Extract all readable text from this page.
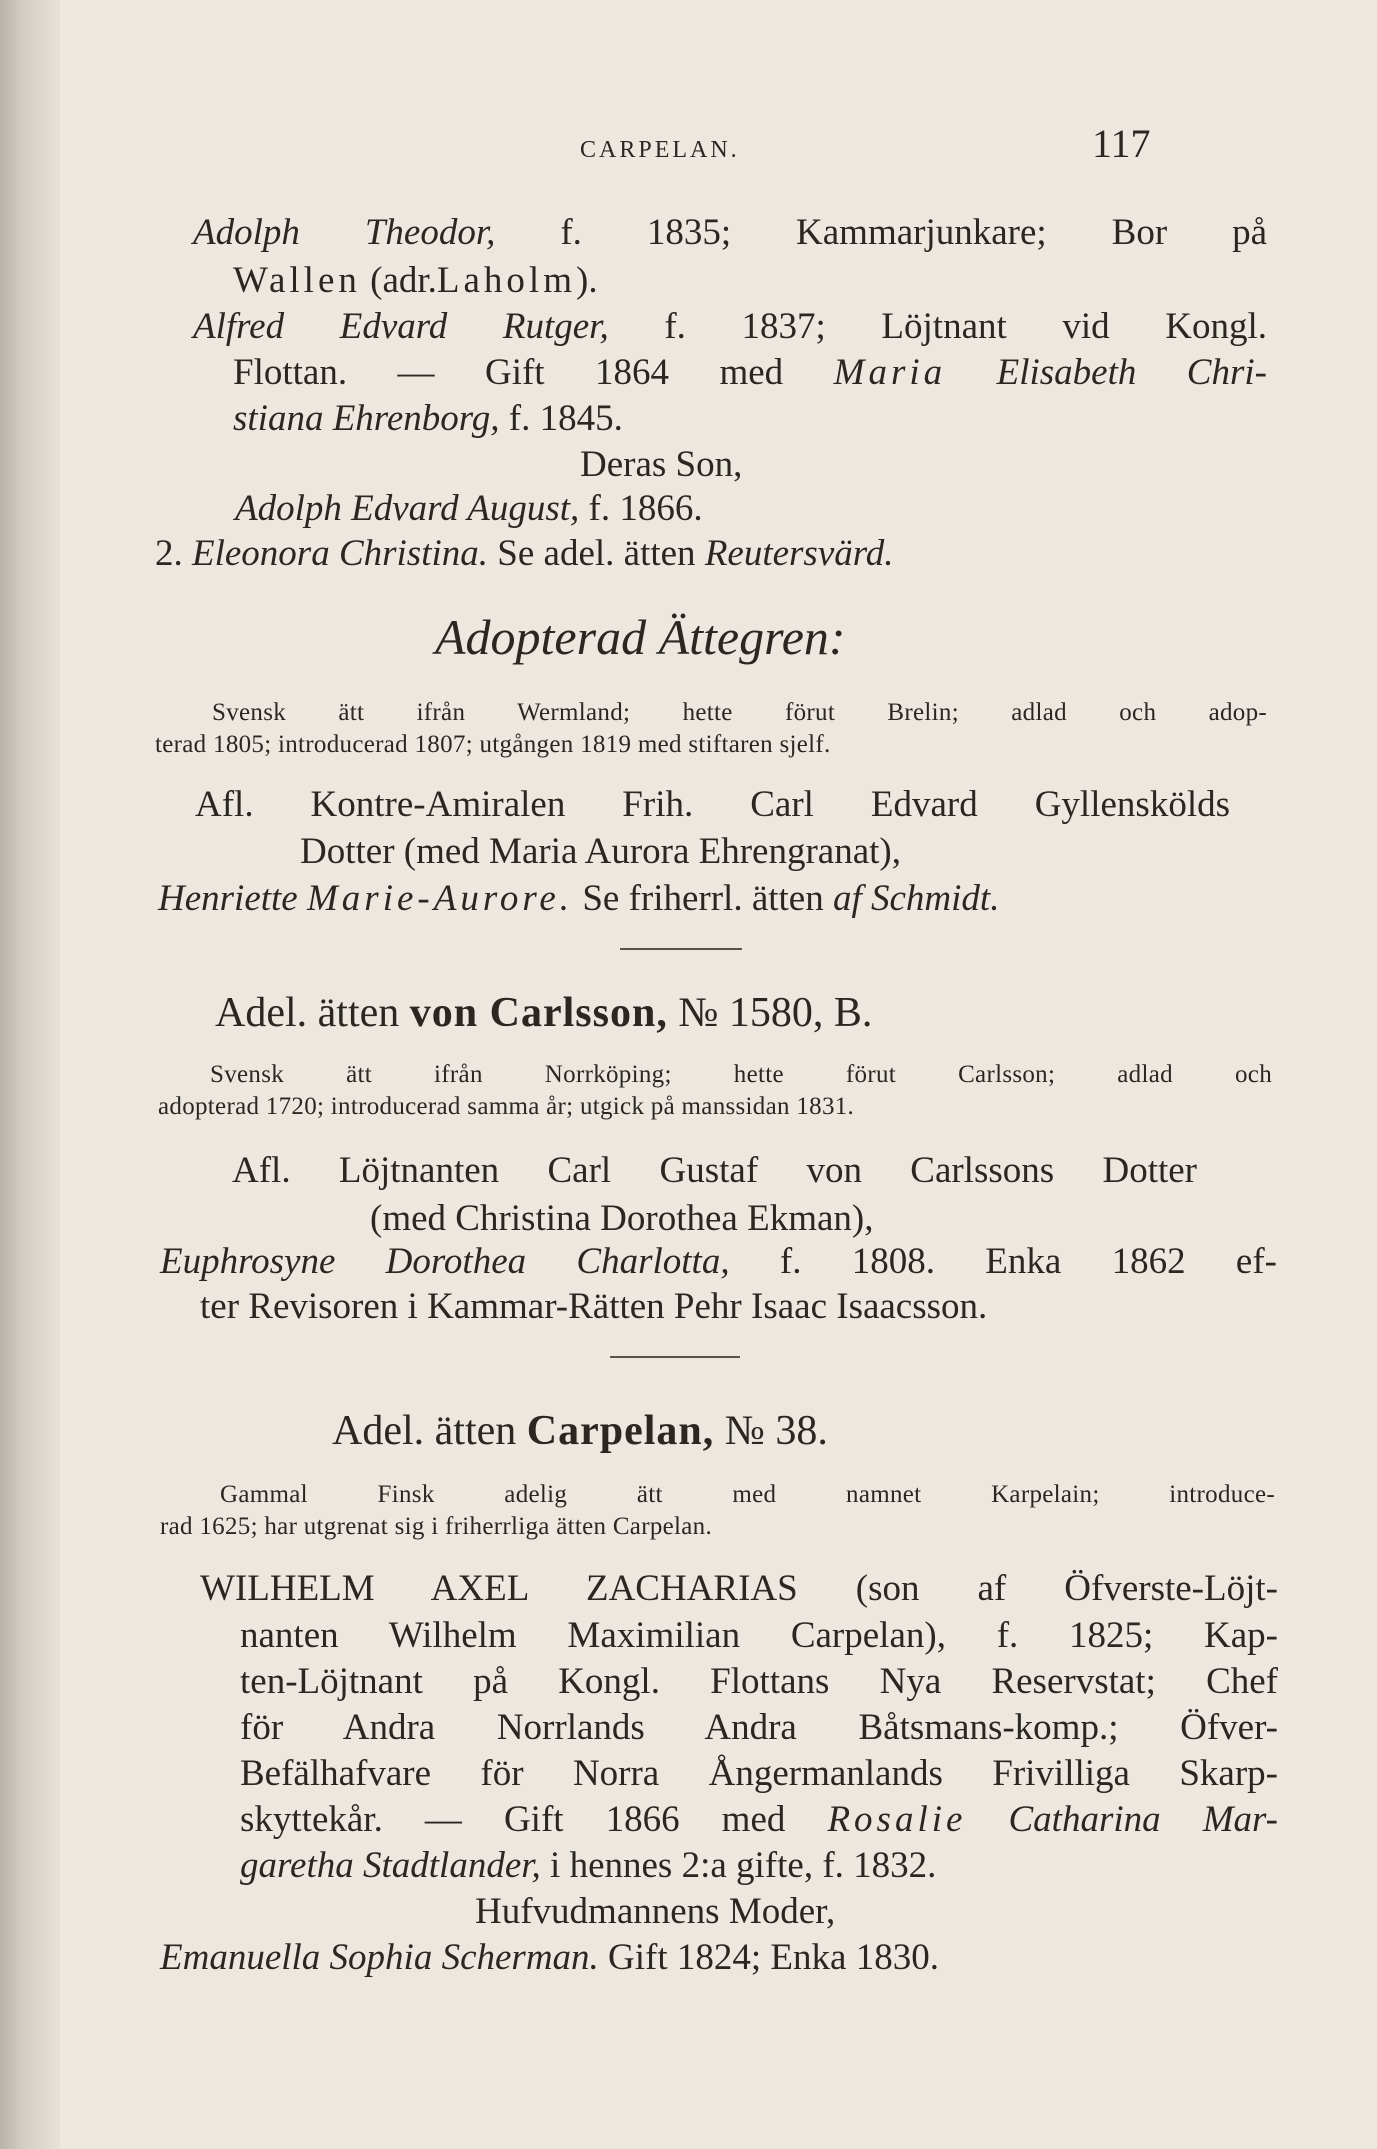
CARPELAN.	117
Adolph Theodor, f. 1835; Kammarjunkare; Bor på
Wallen (adr.Laholm).
Alfred Edvard Rutger, f. 1837; Löjtnant vid Kongl.
Flottan. — Gift 1864 med Maria Elisabeth Chri-
stiana Ehrenborg, f. 1845.
Deras Son,
Adolph Edvard August, f. 1866.
2. Eleonora Christina. Se adel. ätten Reutersvärd.
Adopterad Ättegren:
Svensk ätt ifrån Wermland; hette förut Brelin; adlad och adop-
terad 1805; introducerad 1807; utgången 1819 med stiftaren sjelf.
Afl. Kontre-Amiralen Frih. Carl Edvard Gyllenskölds
Dotter (med Maria Aurora Ehrengranat),
Henriette Marie-Aurore. Se friherrl. ätten af Schmidt.
Adel. ätten von Carlsson, № 1580, B.
Svensk ätt ifrån Norrköping; hette förut Carlsson; adlad och
adopterad 1720; introducerad samma år; utgick på manssidan 1831.
Afl. Löjtnanten Carl Gustaf von Carlssons Dotter
(med Christina Dorothea Ekman),
Euphrosyne Dorothea Charlotta, f. 1808. Enka 1862 ef-
ter Revisoren i Kammar-Rätten Pehr Isaac Isaacsson.
Adel. ätten Carpelan, № 38.
Gammal Finsk adelig ätt med namnet Karpelain; introduce-
rad 1625; har utgrenat sig i friherrliga ätten Carpelan.
WILHELM AXEL ZACHARIAS (son af Öfverste-Löjt-
nanten Wilhelm Maximilian Carpelan), f. 1825; Kap-
ten-Löjtnant på Kongl. Flottans Nya Reservstat; Chef
för Andra Norrlands Andra Båtsmans-komp.; Öfver-
Befälhafvare för Norra Ångermanlands Frivilliga Skarp-
skyttekår. — Gift 1866 med Rosalie Catharina Mar-
garetha Stadtlander, i hennes 2:a gifte, f. 1832.
Hufvudmannens Moder,
Emanuella Sophia Scherman. Gift 1824; Enka 1830.
